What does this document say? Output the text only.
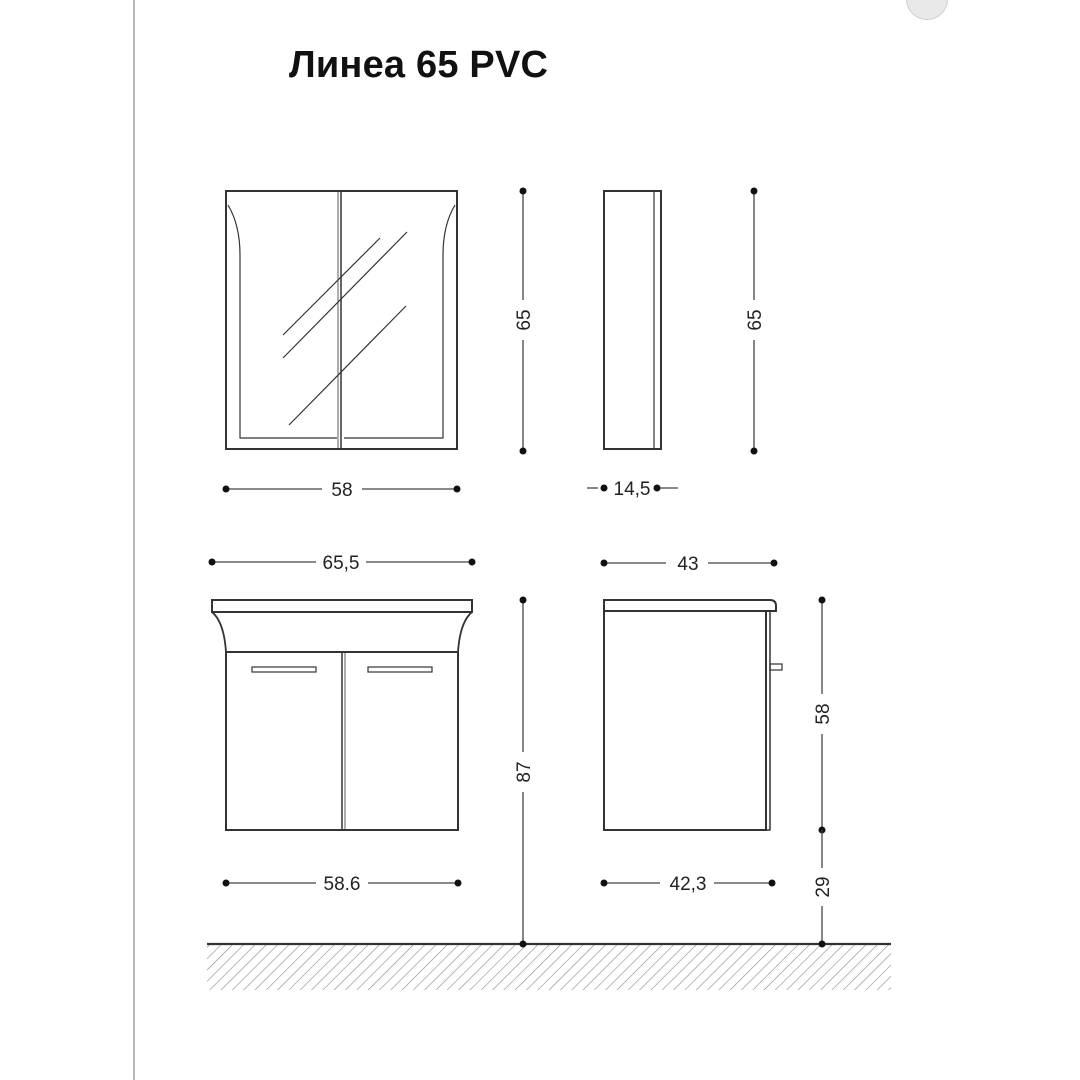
Линеа 65 PVC
58
65
14,5
65
65,5
87
58.6
43
42,3
58
29
